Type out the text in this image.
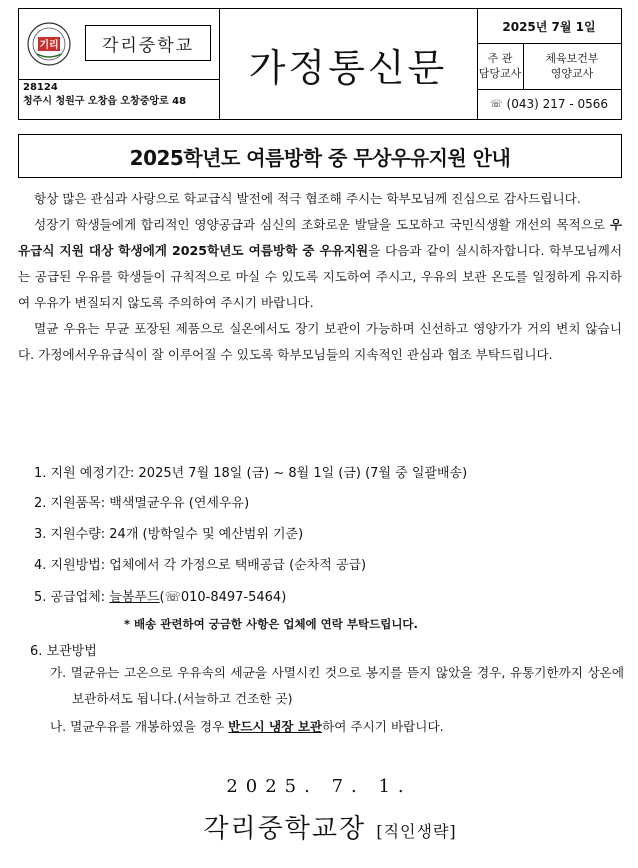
기리	각리중학교
28124
청주시 청원구 오창읍 오창중앙로 48
가정통신문
2025년 7월 1일
주 관
담당교사
체육보건부
영양교사
☏ (043) 217 - 0566
2025학년도 여름방학 중 무상우유지원 안내

항상 많은 관심과 사랑으로 학교급식 발전에 적극 협조해 주시는 학부모님께 진심으로 감사드립니다.

성장기 학생들에게 합리적인 영양공급과 심신의 조화로운 발달을 도모하고 국민식생활 개선의 목적으로 우유급식 지원 대상 학생에게 2025학년도 여름방학 중 우유지원을 다음과 같이 실시하자합니다. 학부모님께서는 공급된 우유를 학생들이 규칙적으로 마실 수 있도록 지도하여 주시고, 우유의 보관 온도를 일정하게 유지하여 우유가 변질되지 않도록 주의하여 주시기 바랍니다.

멸균 우유는 무균 포장된 제품으로 실온에서도 장기 보관이 가능하며 신선하고 영양가가 거의 변치 않습니다. 가정에서우유급식이 잘 이루어질 수 있도록 학부모님들의 지속적인 관심과 협조 부탁드립니다.

1. 지원 예정기간: 2025년 7월 18일 (금) ~ 8월 1일 (금) (7월 중 일괄배송)
2. 지원품목: 백색멸균우유 (연세우유)
3. 지원수량: 24개 (방학일수 및 예산범위 기준)
4. 지원방법: 업체에서 각 가정으로 택배공급 (순차적 공급)
5. 공급업체: 늘봄푸드(☏010-8497-5464)
* 배송 관련하여 궁금한 사항은 업체에 연락 부탁드립니다.
6. 보관방법
가. 멸균유는 고온으로 우유속의 세균을 사멸시킨 것으로 봉지를 뜯지 않았을 경우, 유통기한까지 상온에 보관하셔도 됩니다.(서늘하고 건조한 곳)
나. 멸균우유를 개봉하였을 경우 반드시 냉장 보관하여 주시기 바랍니다.
2025. 7. 1.
각리중학교장 [직인생략]
